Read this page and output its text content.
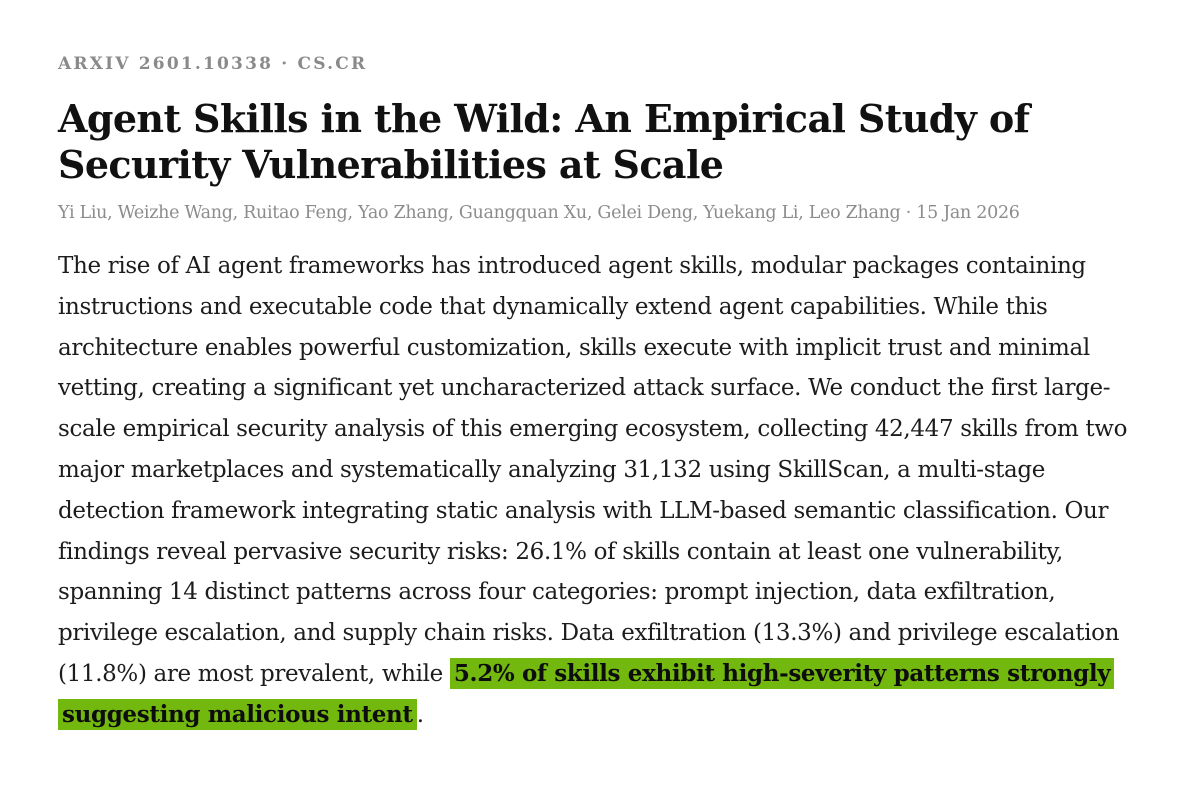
ARXIV 2601.10338 · CS.CR

Agent Skills in the Wild: An Empirical Study of Security Vulnerabilities at Scale

Yi Liu, Weizhe Wang, Ruitao Feng, Yao Zhang, Guangquan Xu, Gelei Deng, Yuekang Li, Leo Zhang · 15 Jan 2026

The rise of AI agent frameworks has introduced agent skills, modular packages containing instructions and executable code that dynamically extend agent capabilities. While this architecture enables powerful customization, skills execute with implicit trust and minimal vetting, creating a significant yet uncharacterized attack surface. We conduct the first large-scale empirical security analysis of this emerging ecosystem, collecting 42,447 skills from two major marketplaces and systematically analyzing 31,132 using SkillScan, a multi-stage detection framework integrating static analysis with LLM-based semantic classification. Our findings reveal pervasive security risks: 26.1% of skills contain at least one vulnerability, spanning 14 distinct patterns across four categories: prompt injection, data exfiltration, privilege escalation, and supply chain risks. Data exfiltration (13.3%) and privilege escalation (11.8%) are most prevalent, while 5.2% of skills exhibit high-severity patterns strongly suggesting malicious intent .
